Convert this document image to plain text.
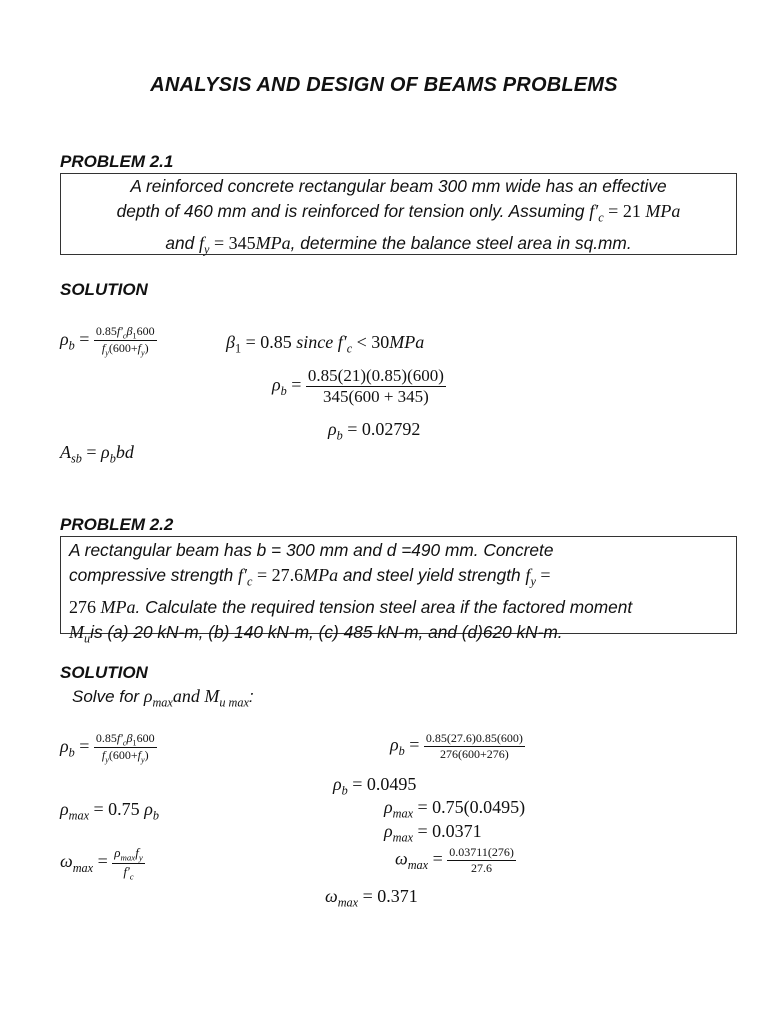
ANALYSIS AND DESIGN OF BEAMS PROBLEMS
PROBLEM 2.1

A reinforced concrete rectangular beam 300 mm wide has an effective

depth of 460 mm and is reinforced for tension only. Assuming $f'_c = 21$ MPa

and $f_y = 345MPa$, determine the balance steel area in sq.mm.

SOLUTION
$\rho_b = \frac{0.85f'_c\beta_1600}{f_y(600+f_y)}$	$\beta_1 = 0.85$ since $f'_c < 30MPa$
$\rho_b = \frac{0.85(21)(0.85)(600)}{345(600 + 345)}$
$\rho_b = 0.02792$
$A_{sb} = \rho_bbd$
PROBLEM 2.2

A rectangular beam has b = 300 mm and d =490 mm. Concrete

compressive strength $f'_c = 27.6MPa$ and steel yield strength $f_y$ =

276 MPa. Calculate the required tension steel area if the factored moment

$M_uis$ (a) 20 kN-m, (b) 140 kN-m, (c) 485 kN-m, and (d)620 kN-m.

SOLUTION
Solve for $\rho_{max}and$ $M_{u max}$:
$\rho_b = \frac{0.85f'_c\beta_1600}{f_y(600+f_y)}$	$\rho_b = \frac{0.85(27.6)0.85(600)}{276(600+276)}$
$\rho_b = 0.0495$
$\rho_{max} = 0.75$ $\rho_b$	$\rho_{max} = 0.75(0.0495)$
$\rho_{max} = 0.0371$
$\omega_{max} = \frac{\rho_{max}f_y}{f'_c}$	$\omega_{max} = \frac{0.03711(276)}{27.6}$
$\omega_{max} = 0.371$
